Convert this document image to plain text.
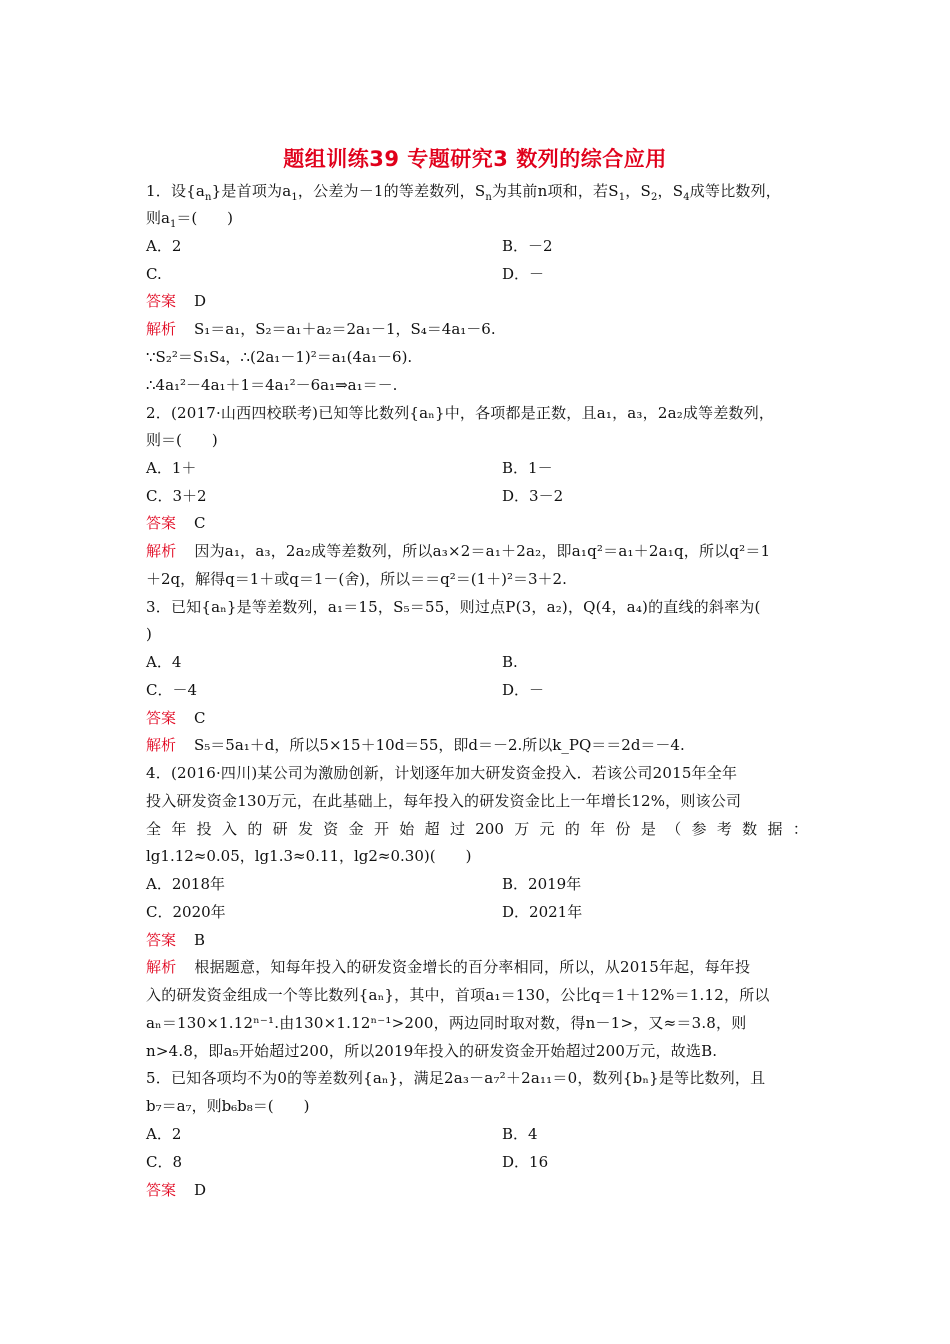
题组训练39 专题研究3 数列的综合应用
1．设$\{a_n\}$是首项为$a_1$，公差为－1的等差数列，$S_n$为其前n项和，若$S_1$，$S_2$，$S_4$成等比数列，
则$a_1=$(　　)
A．2	B．－2
C.	D．－
答案 D
解析 S₁＝a₁，S₂＝a₁＋a₂＝2a₁－1，S₄＝4a₁－6.
∵S₂²＝S₁S₄，∴(2a₁－1)²＝a₁(4a₁－6).
∴4a₁²－4a₁＋1＝4a₁²－6a₁⇒a₁＝－.
2．(2017·山西四校联考)已知等比数列{aₙ}中，各项都是正数，且a₁，a₃，2a₂成等差数列，
则＝(　　)
A．1＋	B．1－
C．3＋2	D．3－2
答案 C
解析 因为a₁，a₃，2a₂成等差数列，所以a₃×2＝a₁＋2a₂，即a₁q²＝a₁＋2a₁q，所以q²＝1
＋2q，解得q＝1＋或q＝1－(舍)，所以＝＝q²＝(1＋)²＝3＋2.
3．已知{aₙ}是等差数列，a₁＝15，S₅＝55，则过点P(3，a₂)，Q(4，a₄)的直线的斜率为(
)
A．4	B.
C．－4	D．－
答案 C
解析 S₅＝5a₁＋d，所以5×15＋10d＝55，即d＝－2.所以k_PQ＝＝2d＝－4.
4．(2016·四川)某公司为激励创新，计划逐年加大研发资金投入．若该公司2015年全年
投入研发资金130万元，在此基础上，每年投入的研发资金比上一年增长12%，则该公司
全 年 投 入 的 研 发 资 金 开 始 超 过 200 万 元 的 年 份 是 （ 参 考 数 据 ：
lg1.12≈0.05，lg1.3≈0.11，lg2≈0.30)(　　)
A．2018年	B．2019年
C．2020年	D．2021年
答案 B
解析 根据题意，知每年投入的研发资金增长的百分率相同，所以，从2015年起，每年投
入的研发资金组成一个等比数列{aₙ}，其中，首项a₁＝130，公比q＝1＋12%＝1.12，所以
aₙ＝130×1.12ⁿ⁻¹.由130×1.12ⁿ⁻¹>200，两边同时取对数，得n－1>，又≈＝3.8，则
n>4.8，即a₅开始超过200，所以2019年投入的研发资金开始超过200万元，故选B.
5．已知各项均不为0的等差数列{aₙ}，满足2a₃－a₇²＋2a₁₁＝0，数列{bₙ}是等比数列，且
b₇＝a₇，则b₆b₈＝(　　)
A．2	B．4
C．8	D．16
答案 D
